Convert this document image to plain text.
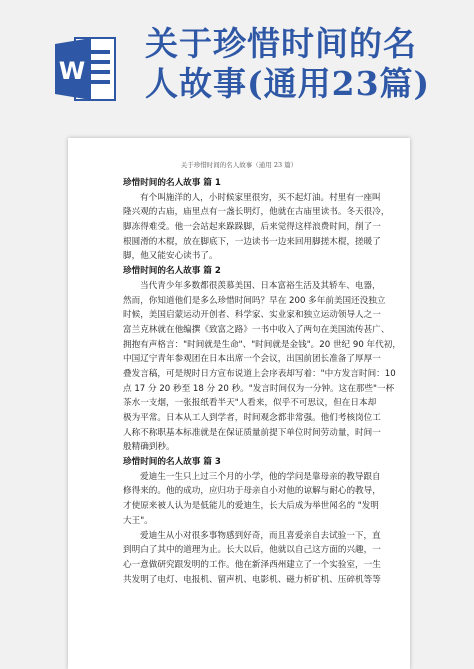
W
关于珍惜时间的名
人故事(通用23篇)
关于珍惜时间的名人故事（通用 23 篇）
珍惜时间的名人故事 篇 1
有个叫施洋的人，小时候家里很穷，买不起灯油。村里有一座叫
隆兴观的古庙，庙里点有一盏长明灯，他就在古庙里读书。冬天很冷，
脚冻得难受。他一会站起来跺跺脚，后来觉得这样浪费时间，削了一
根圆滑的木棍，放在脚底下，一边读书一边来回用脚搓木棍，搓暖了
脚，他又能安心读书了。
珍惜时间的名人故事 篇 2
当代青少年多数都很羡慕美国、日本富裕生活及其轿车、电器，
然而，你知道他们是多么珍惜时间吗？早在 200 多年前美国还没独立
时候，美国启蒙运动开创者、科学家、实业家和独立运动领导人之一
富兰克林就在他编撰《致富之路》一书中收入了两句在美国流传甚广、
拥抱有声格言："时间就是生命"、"时间就是金钱"。20 世纪 90 年代初，
中国辽宁青年参观团在日本出席一个会议，出国前团长准备了厚厚一
叠发言稿，可是规时日方宣布说道上会序表却写着："中方发言时间：10
点 17 分 20 秒至 18 分 20 秒。"发言时间仅为一分钟。这在那些"一杯
茶水一支烟，一张报纸看半天"人看来，似乎不可思议，但在日本却
极为平常。日本从工人到学者，时间观念都非常强。他们考核岗位工
人称不称职基本标准就是在保证质量前提下单位时间劳动量，时间一
般精确到秒。
珍惜时间的名人故事 篇 3
爱迪生一生只上过三个月的小学，他的学问是靠母亲的教导跟自
修得来的。他的成功，应归功于母亲自小对他的谅解与耐心的教导，
才使原来被人认为是低能儿的爱迪生，长大后成为举世闻名的 "发明
大王"。
爱迪生从小对很多事物感到好奇，而且喜爱亲自去试验一下，直
到明白了其中的道理为止。长大以后，他就以自己这方面的兴趣，一
心一意做研究跟发明的工作。他在新泽西州建立了一个实验室，一生
共发明了电灯、电报机、留声机、电影机、磁力析矿机、压碎机等等
